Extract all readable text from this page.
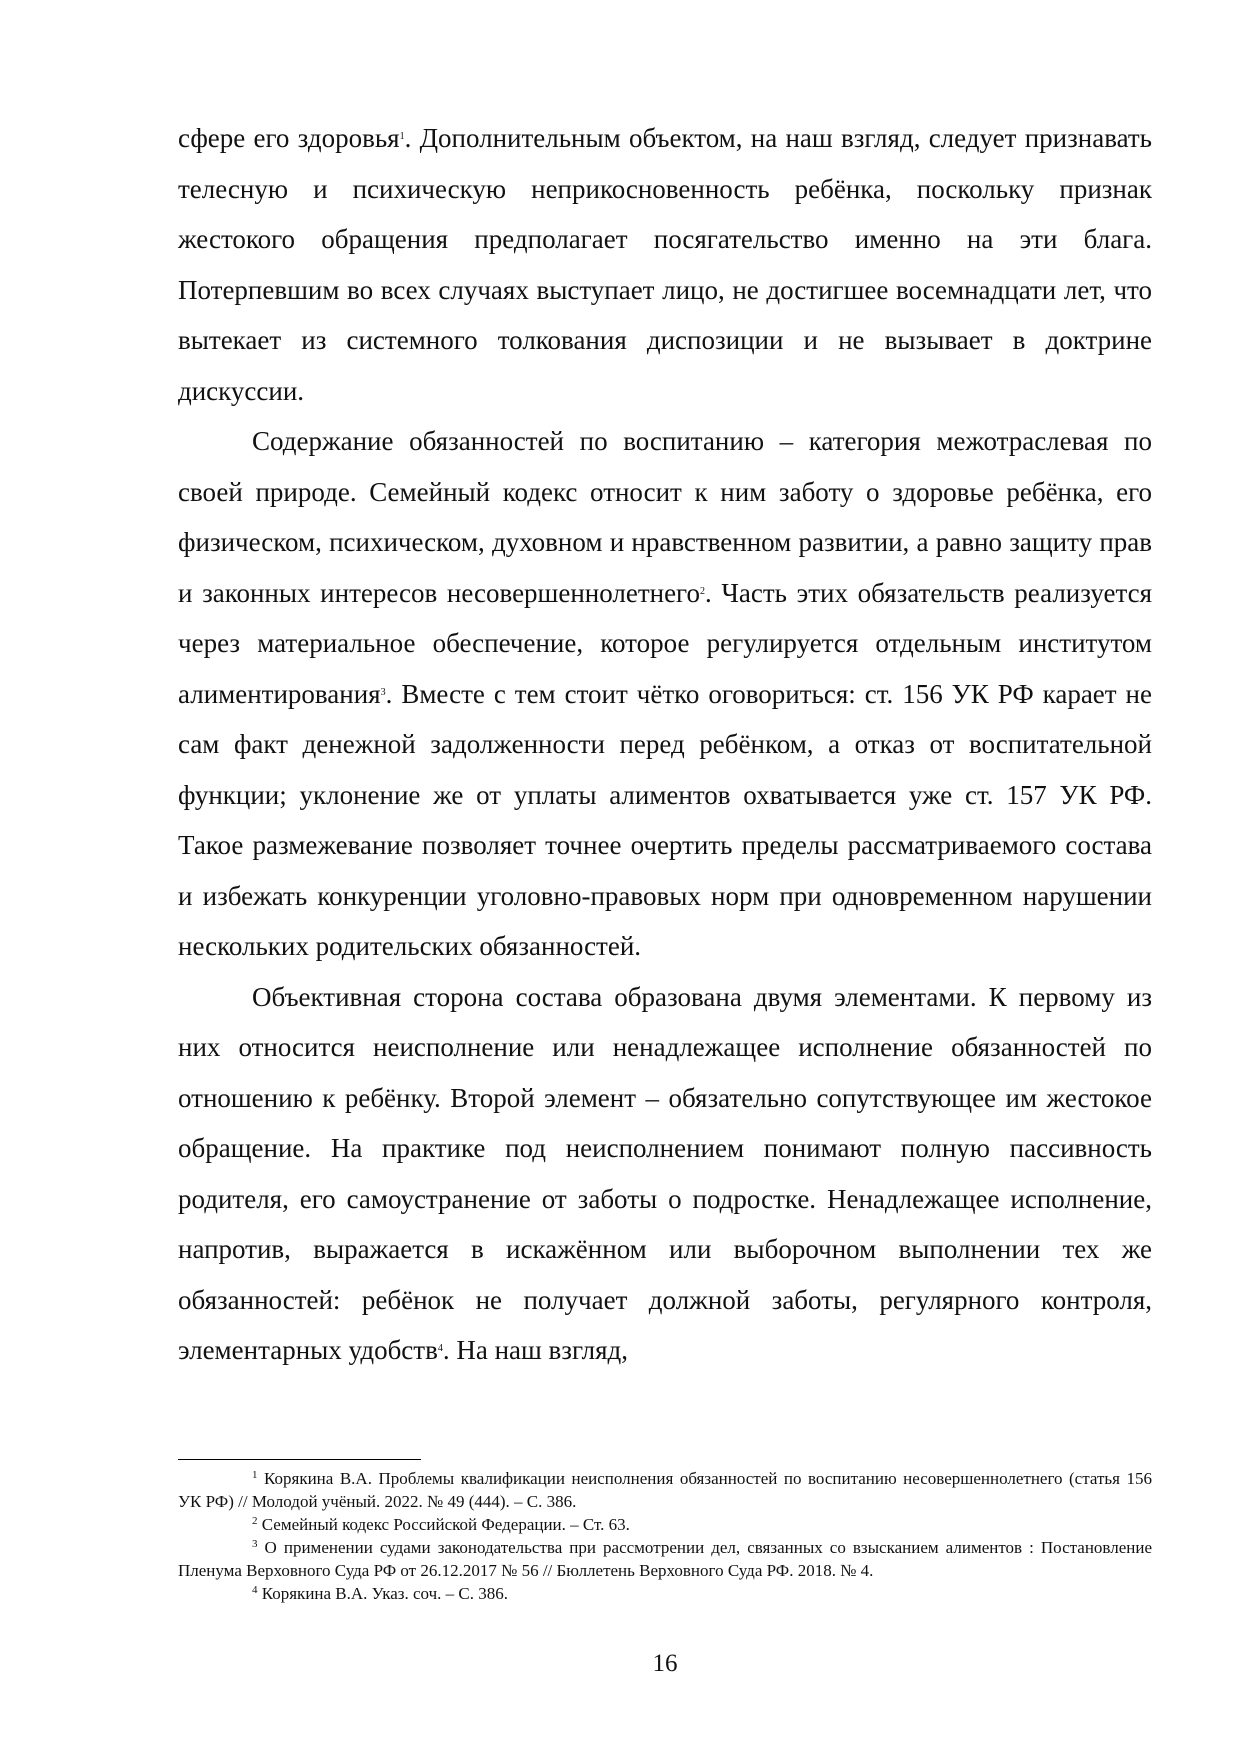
сфере его здоровья$^1$. Дополнительным объектом, на наш взгляд, следует признавать телесную и психическую неприкосновенность ребёнка, поскольку признак жестокого обращения предполагает посягательство именно на эти блага. Потерпевшим во всех случаях выступает лицо, не достигшее восемнадцати лет, что вытекает из системного толкования диспозиции и не вызывает в доктрине дискуссии.

Содержание обязанностей по воспитанию – категория межотраслевая по своей природе. Семейный кодекс относит к ним заботу о здоровье ребёнка, его физическом, психическом, духовном и нравственном развитии, а равно защиту прав и законных интересов несовершеннолетнего$^2$. Часть этих обязательств реализуется через материальное обеспечение, которое регулируется отдельным институтом алиментирования$^3$. Вместе с тем стоит чётко оговориться: ст. 156 УК РФ карает не сам факт денежной задолженности перед ребёнком, а отказ от воспитательной функции; уклонение же от уплаты алиментов охватывается уже ст. 157 УК РФ. Такое размежевание позволяет точнее очертить пределы рассматриваемого состава и избежать конкуренции уголовно-правовых норм при одновременном нарушении нескольких родительских обязанностей.

Объективная сторона состава образована двумя элементами. К первому из них относится неисполнение или ненадлежащее исполнение обязанностей по отношению к ребёнку. Второй элемент – обязательно сопутствующее им жестокое обращение. На практике под неисполнением понимают полную пассивность родителя, его самоустранение от заботы о подростке. Ненадлежащее исполнение, напротив, выражается в искажённом или выборочном выполнении тех же обязанностей: ребёнок не получает должной заботы, регулярного контроля, элементарных удобств$^4$. На наш взгляд,

$^1$ Корякина В.А. Проблемы квалификации неисполнения обязанностей по воспитанию несовершеннолетнего (статья 156 УК РФ) // Молодой учёный. 2022. № 49 (444). – С. 386.

$^2$ Семейный кодекс Российской Федерации. – Ст. 63.

$^3$ О применении судами законодательства при рассмотрении дел, связанных со взысканием алиментов : Постановление Пленума Верховного Суда РФ от 26.12.2017 № 56 // Бюллетень Верховного Суда РФ. 2018. № 4.

$^4$ Корякина В.А. Указ. соч. – С. 386.

16
